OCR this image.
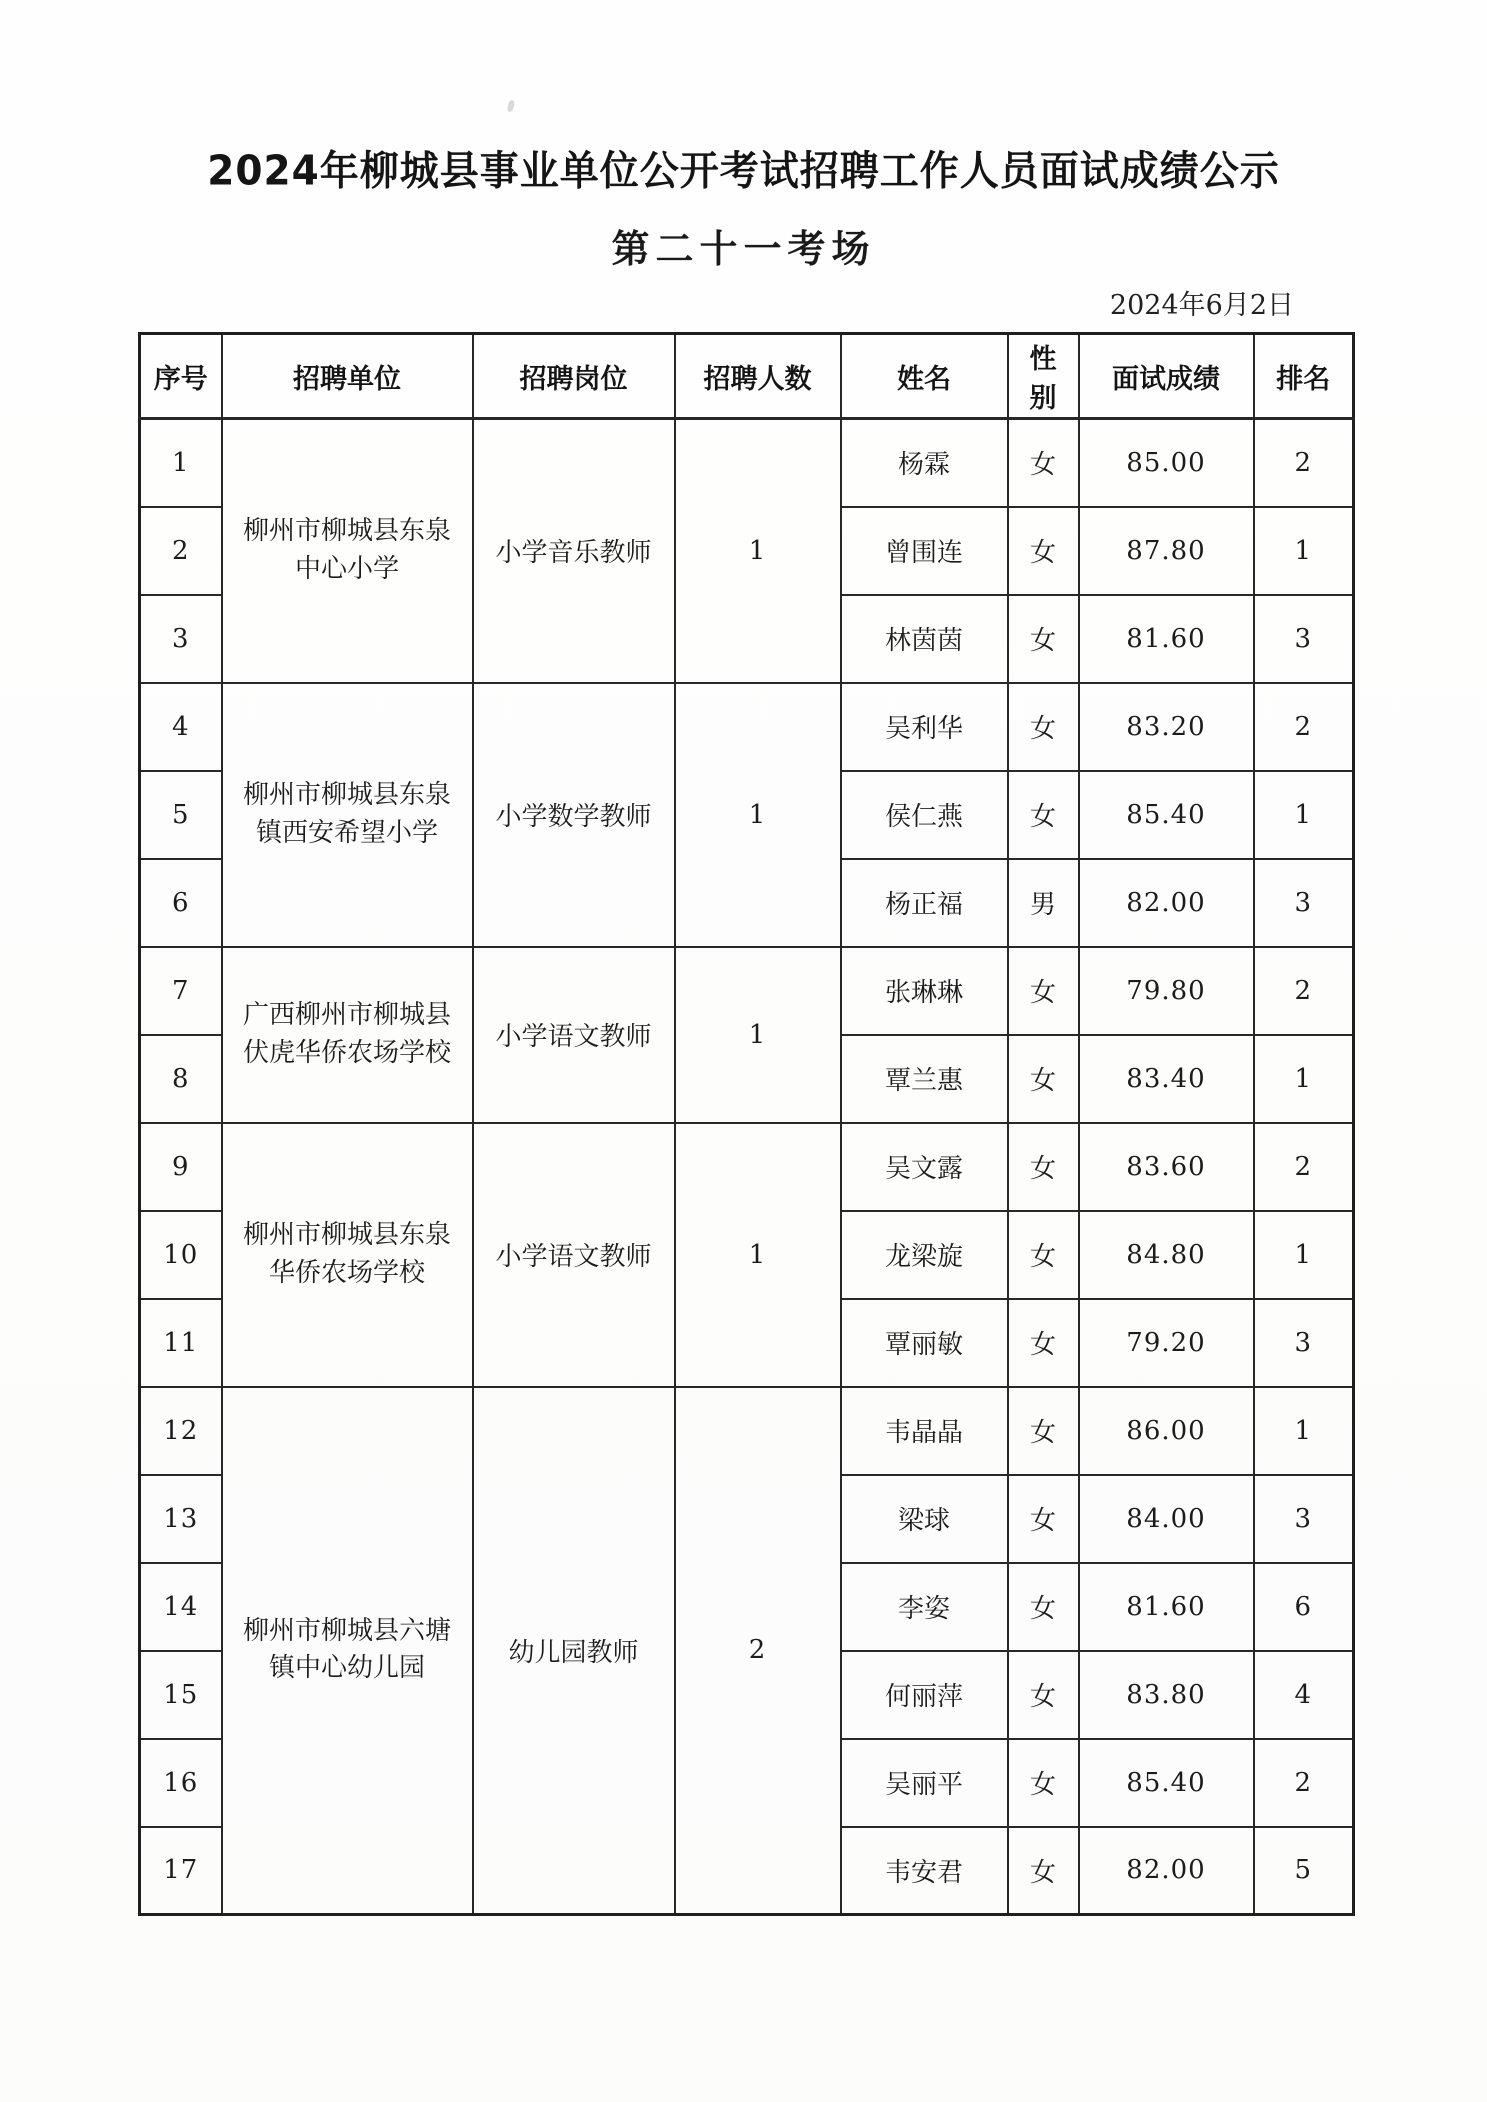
2024年柳城县事业单位公开考试招聘工作人员面试成绩公示
第二十一考场
2024年6月2日
序号	招聘单位	招聘岗位	招聘人数	姓名	性别	面试成绩	排名
1	柳州市柳城县东泉中心小学	小学音乐教师	1	杨霖	女	85.00	2
2				曾围连	女	87.80	1
3				林茵茵	女	81.60	3
4	柳州市柳城县东泉镇西安希望小学	小学数学教师	1	吴利华	女	83.20	2
5				侯仁燕	女	85.40	1
6				杨正福	男	82.00	3
7	广西柳州市柳城县伏虎华侨农场学校	小学语文教师	1	张琳琳	女	79.80	2
8				覃兰惠	女	83.40	1
9	柳州市柳城县东泉华侨农场学校	小学语文教师	1	吴文露	女	83.60	2
10				龙梁旋	女	84.80	1
11				覃丽敏	女	79.20	3
12	柳州市柳城县六塘镇中心幼儿园	幼儿园教师	2	韦晶晶	女	86.00	1
13				梁球	女	84.00	3
14				李姿	女	81.60	6
15				何丽萍	女	83.80	4
16				吴丽平	女	85.40	2
17				韦安君	女	82.00	5
